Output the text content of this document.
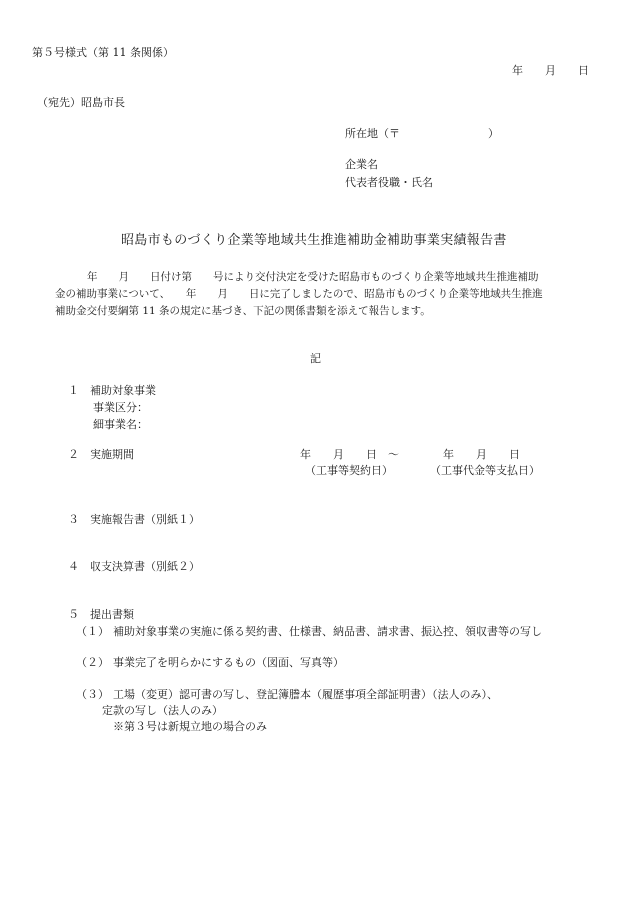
第５号様式（第 11 条関係）
年　　月　　日
（宛先）昭島市長
所在地（〒　　　　　　　　）
企業名
代表者役職・氏名
昭島市ものづくり企業等地域共生推進補助金補助事業実績報告書
　　年　　月　　日付け第　　号により交付決定を受けた昭島市ものづくり企業等地域共生推進補助
金の補助事業について、　　年　　月　　日に完了しましたので、昭島市ものづくり企業等地域共生推進
補助金交付要綱第 11 条の規定に基づき、下記の関係書類を添えて報告します。
記
１ 補助対象事業
事業区分：
細事業名：
２ 実施期間	年　　月　　日　～　　　　年　　月　　日
（工事等契約日）	（工事代金等支払日）
３ 実施報告書（別紙１）
４ 収支決算書（別紙２）
５ 提出書類
（１） 補助対象事業の実施に係る契約書、仕様書、納品書、請求書、振込控、領収書等の写し
（２） 事業完了を明らかにするもの（図面、写真等）
（３） 工場（変更）認可書の写し、登記簿謄本（履歴事項全部証明書）（法人のみ）、
定款の写し（法人のみ）
※第３号は新規立地の場合のみ
